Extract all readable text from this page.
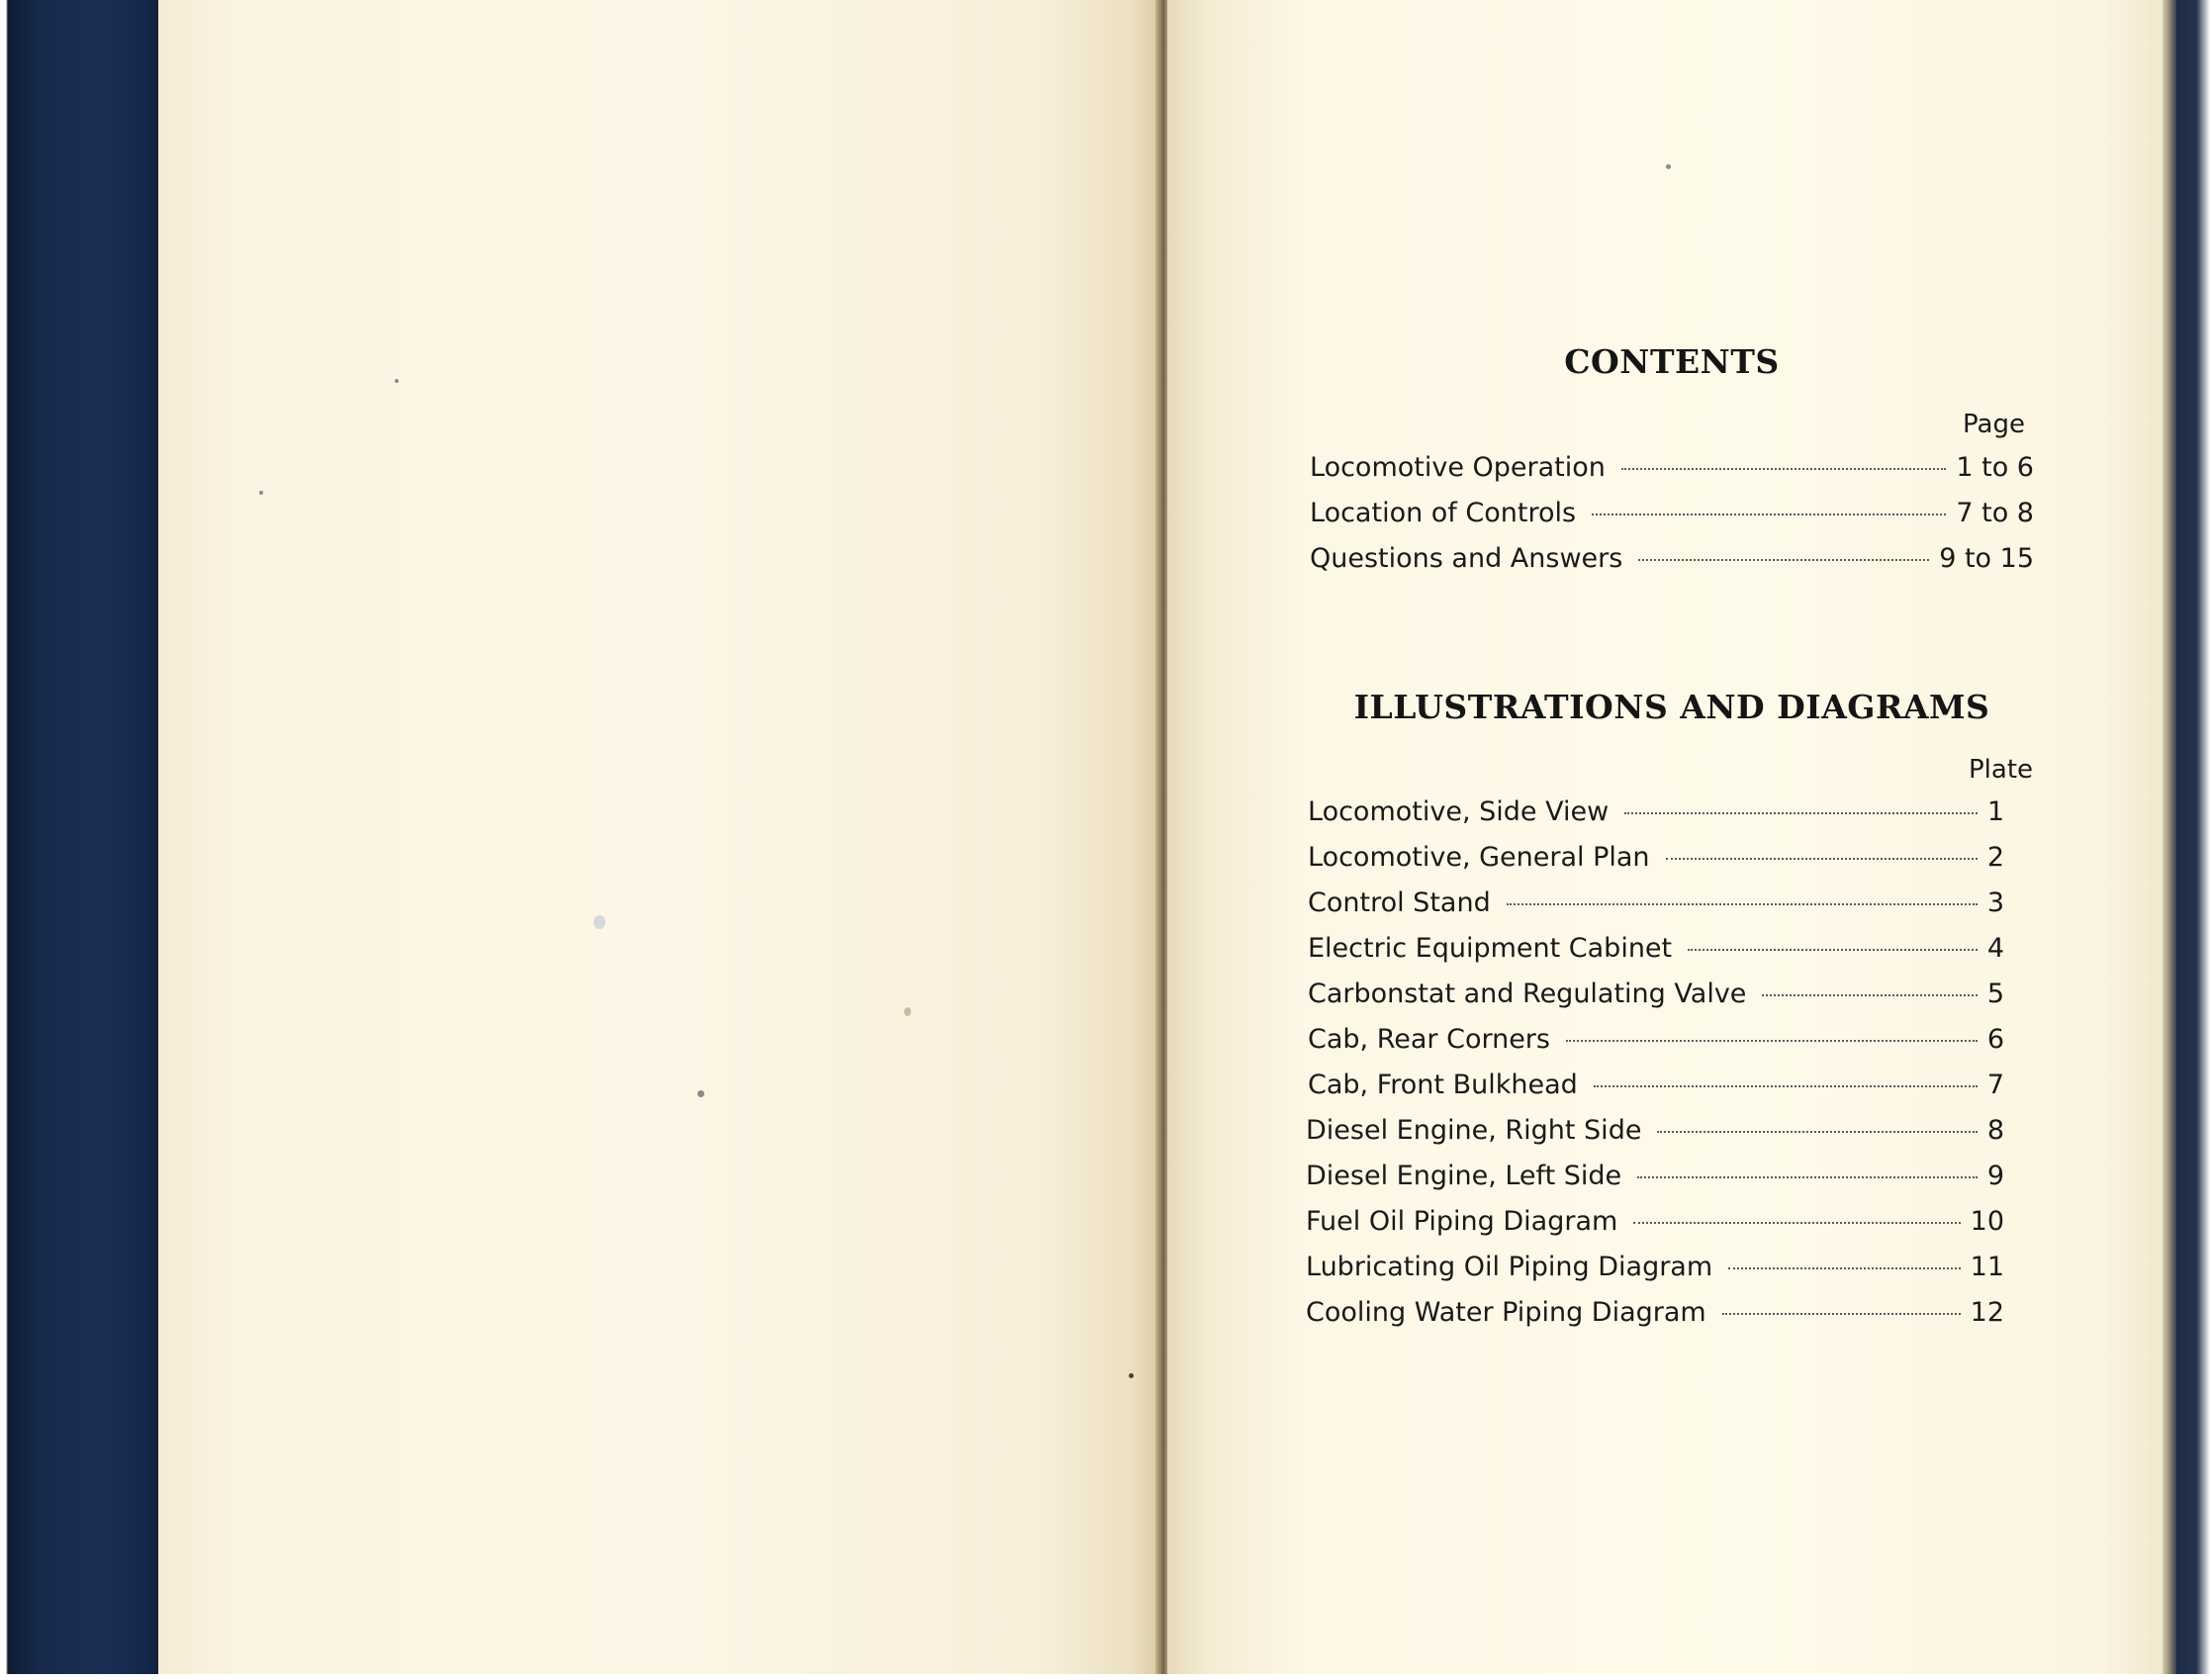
CONTENTS
Page
Locomotive Operation	1 to 6
Location of Controls	7 to 8
Questions and Answers	9 to 15
ILLUSTRATIONS AND DIAGRAMS
Plate
Locomotive, Side View	1
Locomotive, General Plan	2
Control Stand	3
Electric Equipment Cabinet	4
Carbonstat and Regulating Valve	5
Cab, Rear Corners	6
Cab, Front Bulkhead	7
Diesel Engine, Right Side	8
Diesel Engine, Left Side	9
Fuel Oil Piping Diagram	10
Lubricating Oil Piping Diagram	11
Cooling Water Piping Diagram	12
